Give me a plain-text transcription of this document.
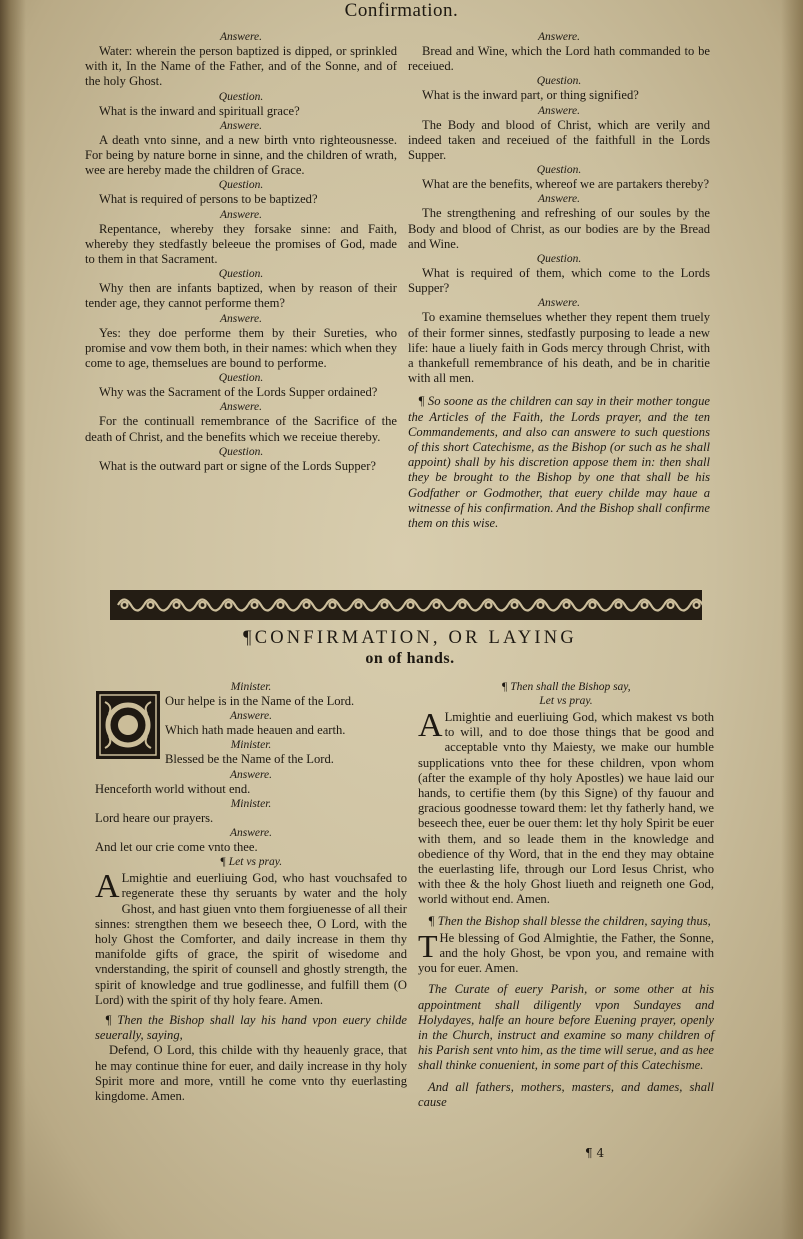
Confirmation.
Answere.

Water: wherein the person baptized is dipped, or sprinkled with it, In the Name of the Father, and of the Sonne, and of the holy Ghost.

Question.

What is the inward and spirituall grace?

Answere.

A death vnto sinne, and a new birth vnto righteousnesse. For being by nature borne in sinne, and the children of wrath, wee are hereby made the children of Grace.

Question.

What is required of persons to be baptized?

Answere.

Repentance, whereby they forsake sinne: and Faith, whereby they stedfastly beleeue the promises of God, made to them in that Sacrament.

Question.

Why then are infants baptized, when by reason of their tender age, they cannot performe them?

Answere.

Yes: they doe performe them by their Sureties, who promise and vow them both, in their names: which when they come to age, themselues are bound to performe.

Question.

Why was the Sacrament of the Lords Supper ordained?

Answere.

For the continuall remembrance of the Sacrifice of the death of Christ, and the benefits which we receiue thereby.

Question.

What is the outward part or signe of the Lords Supper?

Answere.

Bread and Wine, which the Lord hath commanded to be receiued.

Question.

What is the inward part, or thing signified?

Answere.

The Body and blood of Christ, which are verily and indeed taken and receiued of the faithfull in the Lords Supper.

Question.

What are the benefits, whereof we are partakers thereby?

Answere.

The strengthening and refreshing of our soules by the Body and blood of Christ, as our bodies are by the Bread and Wine.

Question.

What is required of them, which come to the Lords Supper?

Answere.

To examine themselues whether they repent them truely of their former sinnes, stedfastly purposing to leade a new life: haue a liuely faith in Gods mercy through Christ, with a thankefull remembrance of his death, and be in charitie with all men.

¶ So soone as the children can say in their mother tongue the Articles of the Faith, the Lords prayer, and the ten Commandements, and also can answere to such questions of this short Catechisme, as the Bishop (or such as he shall appoint) shall by his discretion appose them in: then shall they be brought to the Bishop by one that shall be his Godfather or Godmother, that euery childe may haue a witnesse of his confirmation. And the Bishop shall confirme them on this wise.

¶CONFIRMATION, OR LAYING
on of hands.
Minister.

Our helpe is in the Name of the Lord.

Answere.

Which hath made heauen and earth.

Minister.

Blessed be the Name of the Lord.

Answere.

Henceforth world without end.

Minister.

Lord heare our prayers.

Answere.

And let our crie come vnto thee.

¶ Let vs pray.

A Lmightie and euerliuing God, who hast vouchsafed to regenerate these thy seruants by water and the holy Ghost, and hast giuen vnto them forgiuenesse of all their sinnes: strengthen them we beseech thee, O Lord, with the holy Ghost the Comforter, and daily increase in them thy manifolde gifts of grace, the spirit of wisedome and vnderstanding, the spirit of counsell and ghostly strength, the spirit of knowledge and true godlinesse, and fulfill them (O Lord) with the spirit of thy holy feare. Amen.

¶ Then the Bishop shall lay his hand vpon euery childe seuerally, saying,

Defend, O Lord, this childe with thy heauenly grace, that he may continue thine for euer, and daily increase in thy holy Spirit more and more, vntill he come vnto thy euerlasting kingdome. Amen.

¶ Then shall the Bishop say,
Let vs pray.

A Lmightie and euerliuing God, which makest vs both to will, and to doe those things that be good and acceptable vnto thy Maiesty, we make our humble supplications vnto thee for these children, vpon whom (after the example of thy holy Apostles) we haue laid our hands, to certifie them (by this Signe) of thy fauour and gracious goodnesse toward them: let thy fatherly hand, we beseech thee, euer be ouer them: let thy holy Spirit be euer with them, and so leade them in the knowledge and obedience of thy Word, that in the end they may obtaine the euerlasting life, through our Lord Iesus Christ, who with thee & the holy Ghost liueth and reigneth one God, world without end. Amen.

¶ Then the Bishop shall blesse the children, saying thus,

T He blessing of God Almightie, the Father, the Sonne, and the holy Ghost, be vpon you, and remaine with you for euer. Amen.

The Curate of euery Parish, or some other at his appointment shall diligently vpon Sundayes and Holydayes, halfe an houre before Euening prayer, openly in the Church, instruct and examine so many children of his Parish sent vnto him, as the time will serue, and as hee shall thinke conuenient, in some part of this Catechisme.

And all fathers, mothers, masters, and dames, shall cause

¶ 4
